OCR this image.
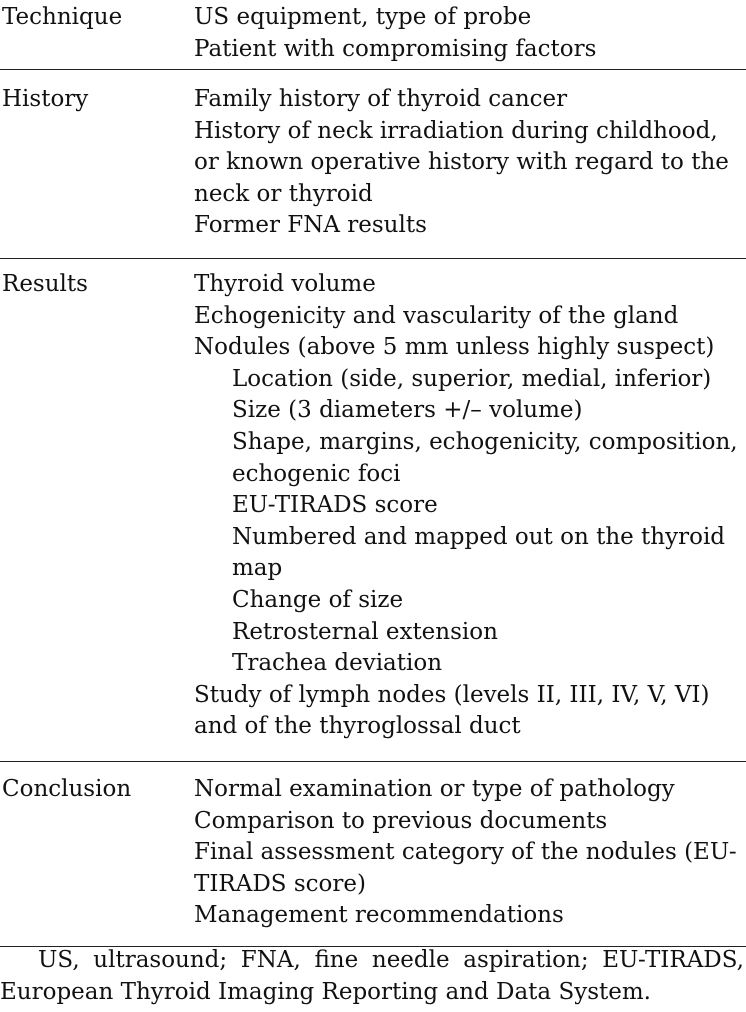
Technique	US equipment, type of probe
Patient with compromising factors
History	Family history of thyroid cancer
History of neck irradiation during childhood, or known operative history with regard to the neck or thyroid
Former FNA results
Results	Thyroid volume
Echogenicity and vascularity of the gland
Nodules (above 5 mm unless highly suspect)
Location (side, superior, medial, inferior)
Size (3 diameters +/– volume)
Shape, margins, echogenicity, composition, echogenic foci
EU-TIRADS score
Numbered and mapped out on the thyroid map
Change of size
Retrosternal extension
Trachea deviation
Study of lymph nodes (levels II, III, IV, V, VI) and of the thyroglossal duct
Conclusion	Normal examination or type of pathology
Comparison to previous documents
Final assessment category of the nodules (EU-TIRADS score)
Management recommendations
US, ultrasound; FNA, fine needle aspiration; EU-TIRADS,
European Thyroid Imaging Reporting and Data System.
